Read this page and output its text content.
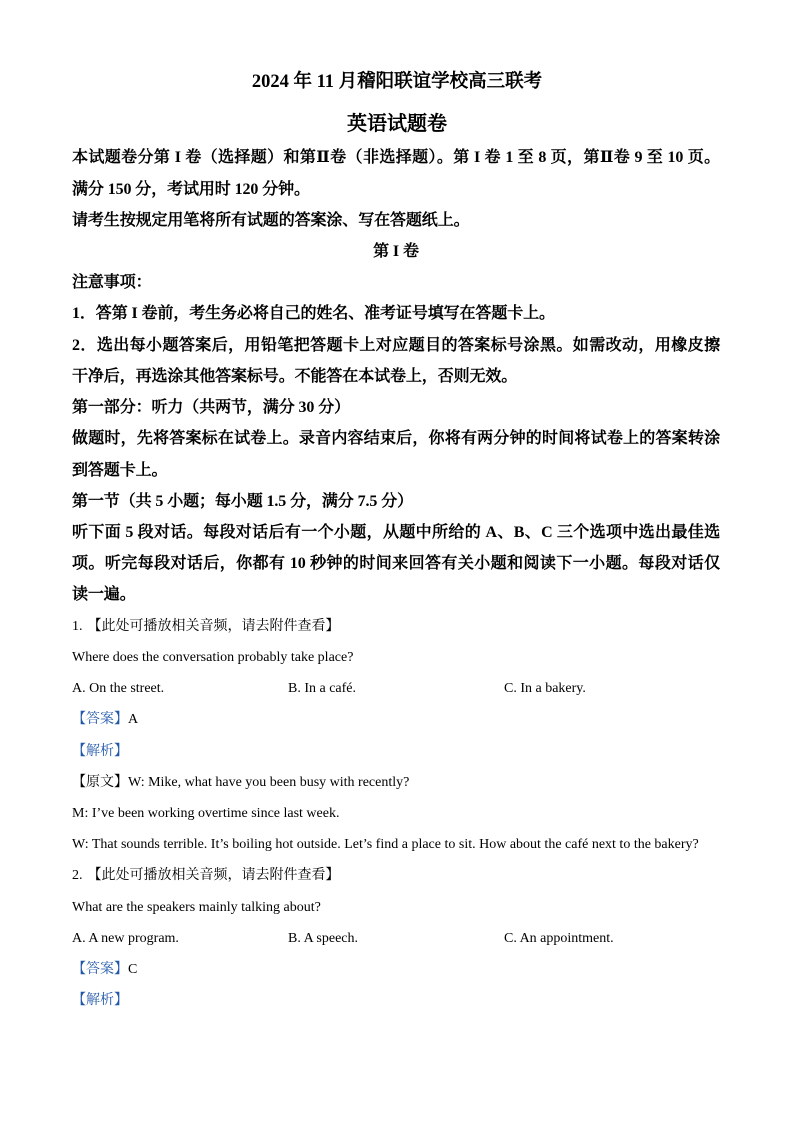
2024 年 11 月稽阳联谊学校高三联考
英语试题卷
本试题卷分第 I 卷（选择题）和第Ⅱ卷（非选择题）。第 I 卷 1 至 8 页，第Ⅱ卷 9 至 10 页。
满分 150 分，考试用时 120 分钟。
请考生按规定用笔将所有试题的答案涂、写在答题纸上。
第 I 卷
注意事项：
1．答第 I 卷前，考生务必将自己的姓名、准考证号填写在答题卡上。
2．选出每小题答案后，用铅笔把答题卡上对应题目的答案标号涂黑。如需改动，用橡皮擦
干净后，再选涂其他答案标号。不能答在本试卷上，否则无效。
第一部分：听力（共两节，满分 30 分）
做题时，先将答案标在试卷上。录音内容结束后，你将有两分钟的时间将试卷上的答案转涂
到答题卡上。
第一节（共 5 小题；每小题 1.5 分，满分 7.5 分）
听下面 5 段对话。每段对话后有一个小题，从题中所给的 A、B、C 三个选项中选出最佳选
项。听完每段对话后，你都有 10 秒钟的时间来回答有关小题和阅读下一小题。每段对话仅
读一遍。
1. 【此处可播放相关音频，请去附件查看】
Where does the conversation probably take place?
A. On the street.	B. In a café.	C. In a bakery.
【答案】A
【解析】
【原文】W: Mike, what have you been busy with recently?
M: I’ve been working overtime since last week.
W: That sounds terrible. It’s boiling hot outside. Let’s find a place to sit. How about the café next to the bakery?
2. 【此处可播放相关音频，请去附件查看】
What are the speakers mainly talking about?
A. A new program.	B. A speech.	C. An appointment.
【答案】C
【解析】
